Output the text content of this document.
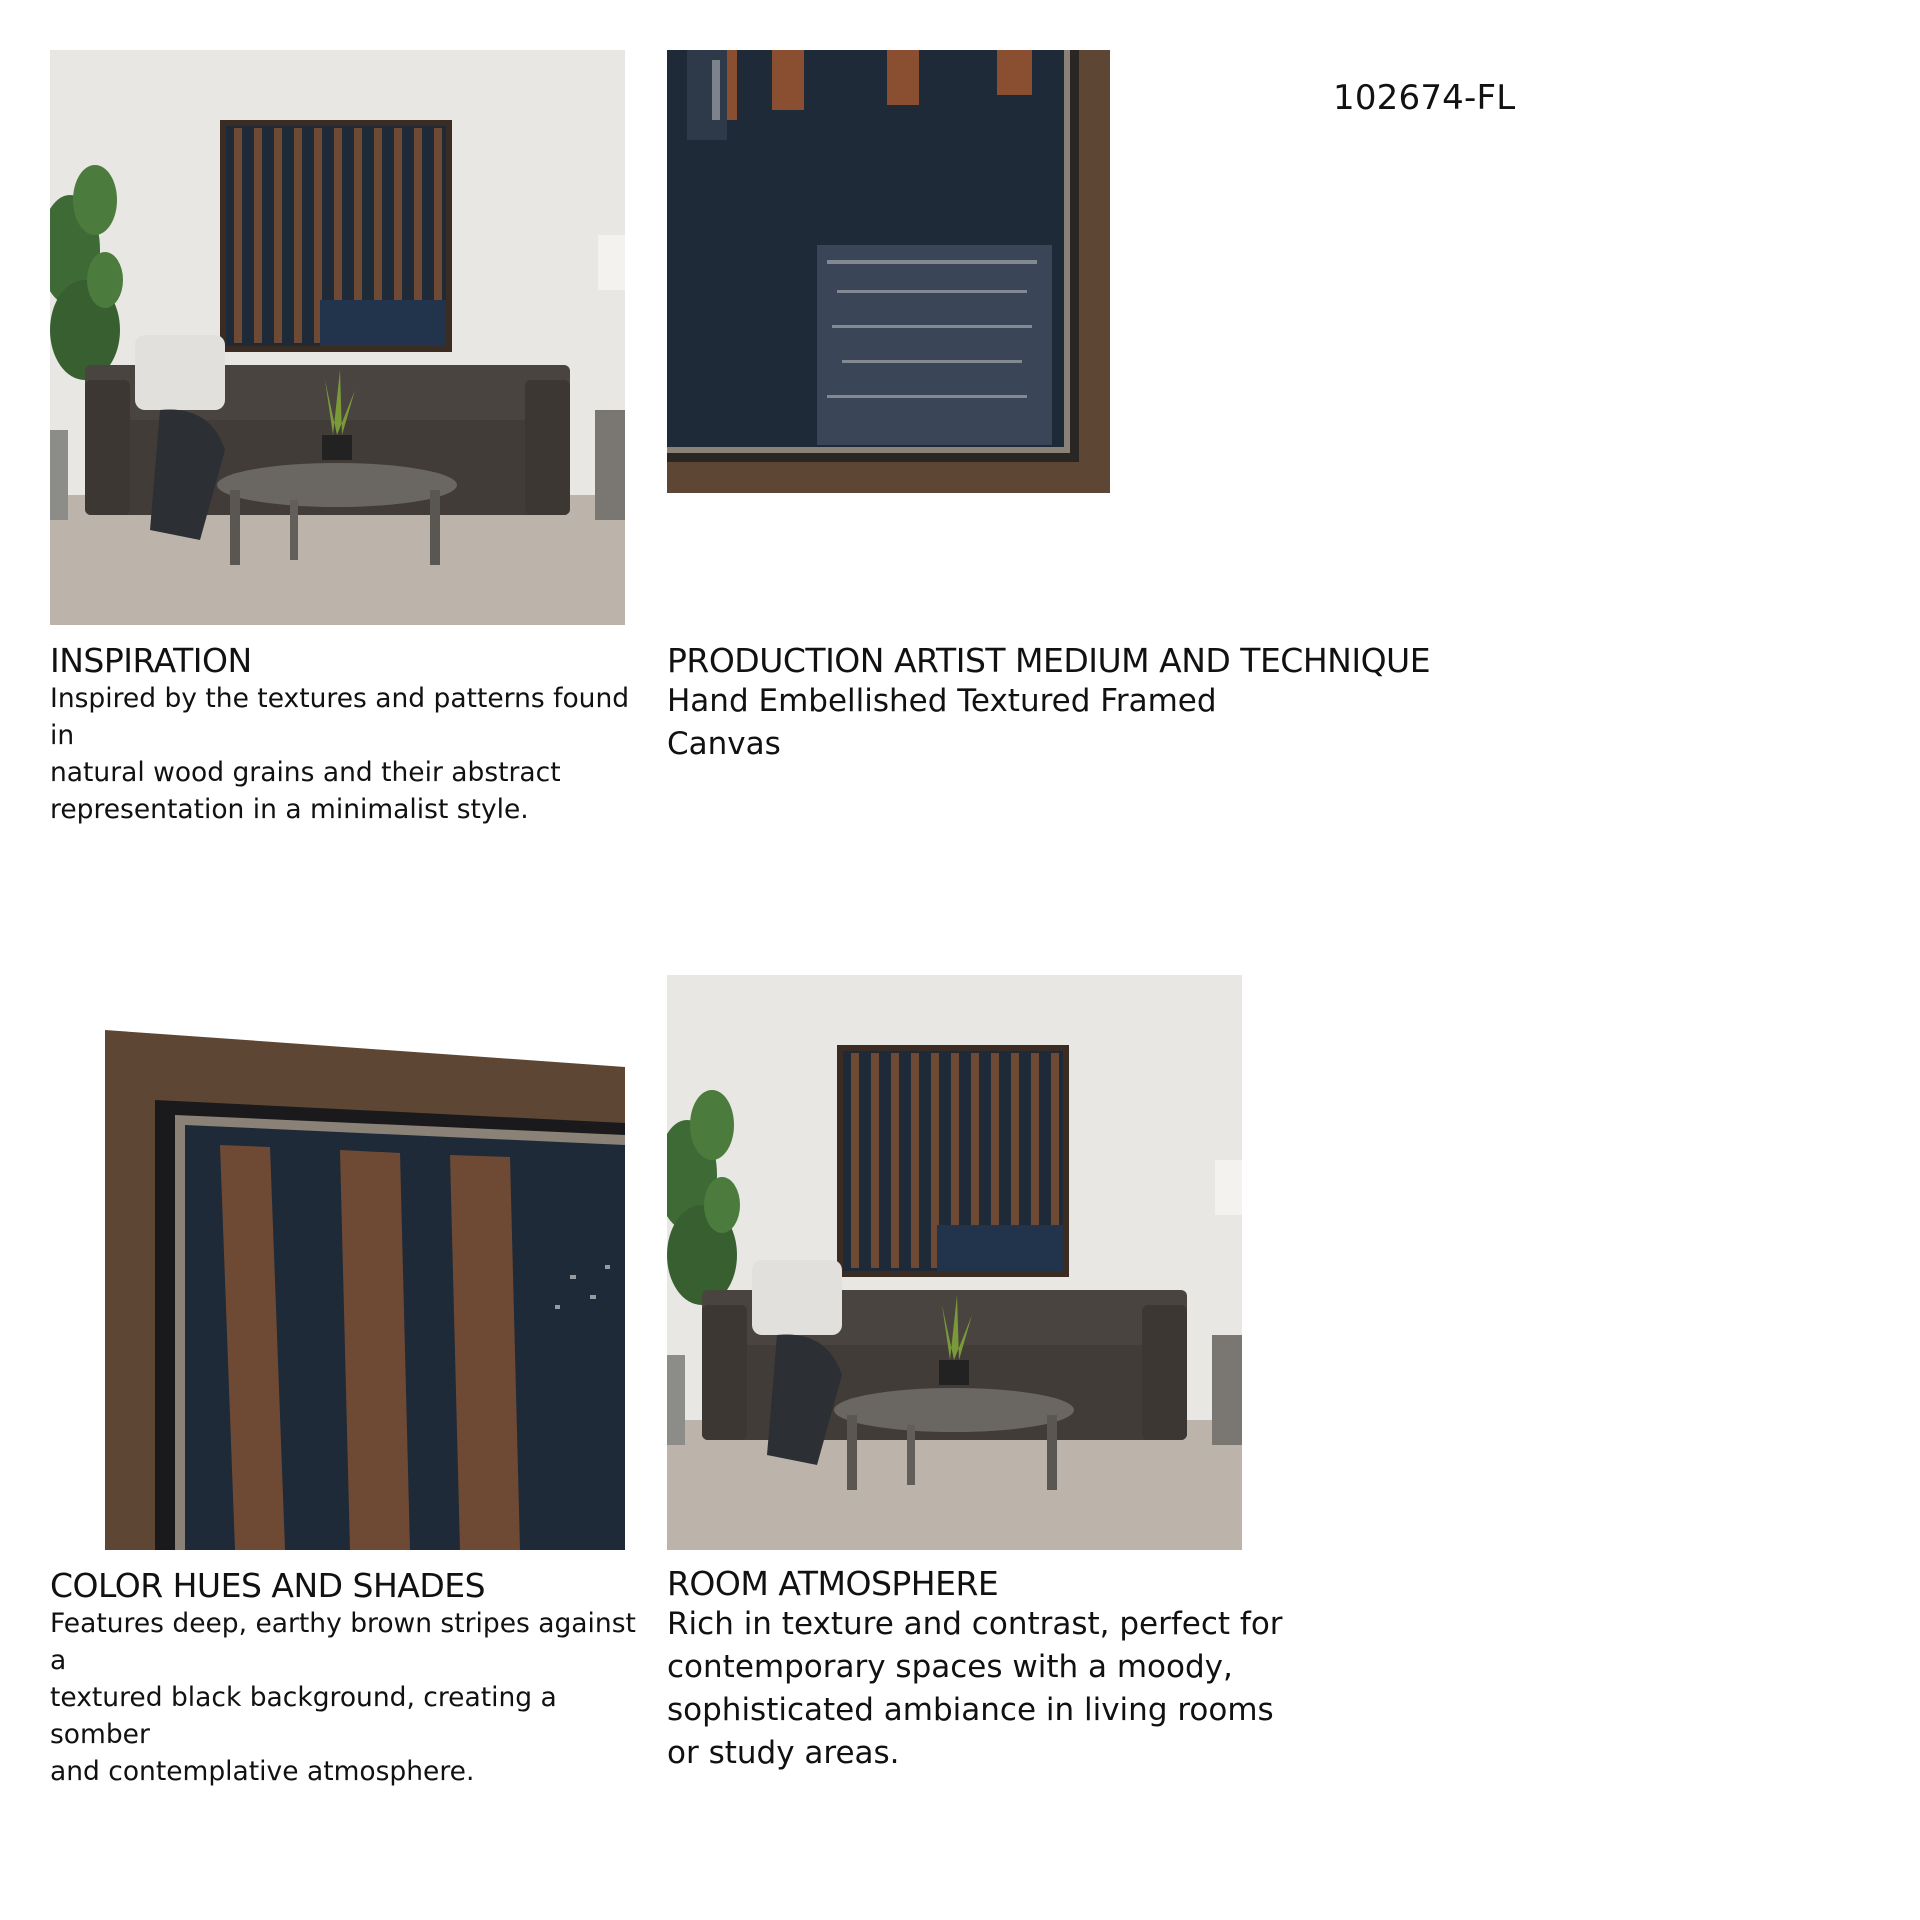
102674-FL
INSPIRATION

Inspired by the textures and patterns found in

natural wood grains and their abstract

representation in a minimalist style.

PRODUCTION ARTIST MEDIUM AND TECHNIQUE

Hand Embellished Textured Framed

Canvas

COLOR HUES AND SHADES

Features deep, earthy brown stripes against a

textured black background, creating a somber

and contemplative atmosphere.

ROOM ATMOSPHERE

Rich in texture and contrast, perfect for

contemporary spaces with a moody,

sophisticated ambiance in living rooms

or study areas.
